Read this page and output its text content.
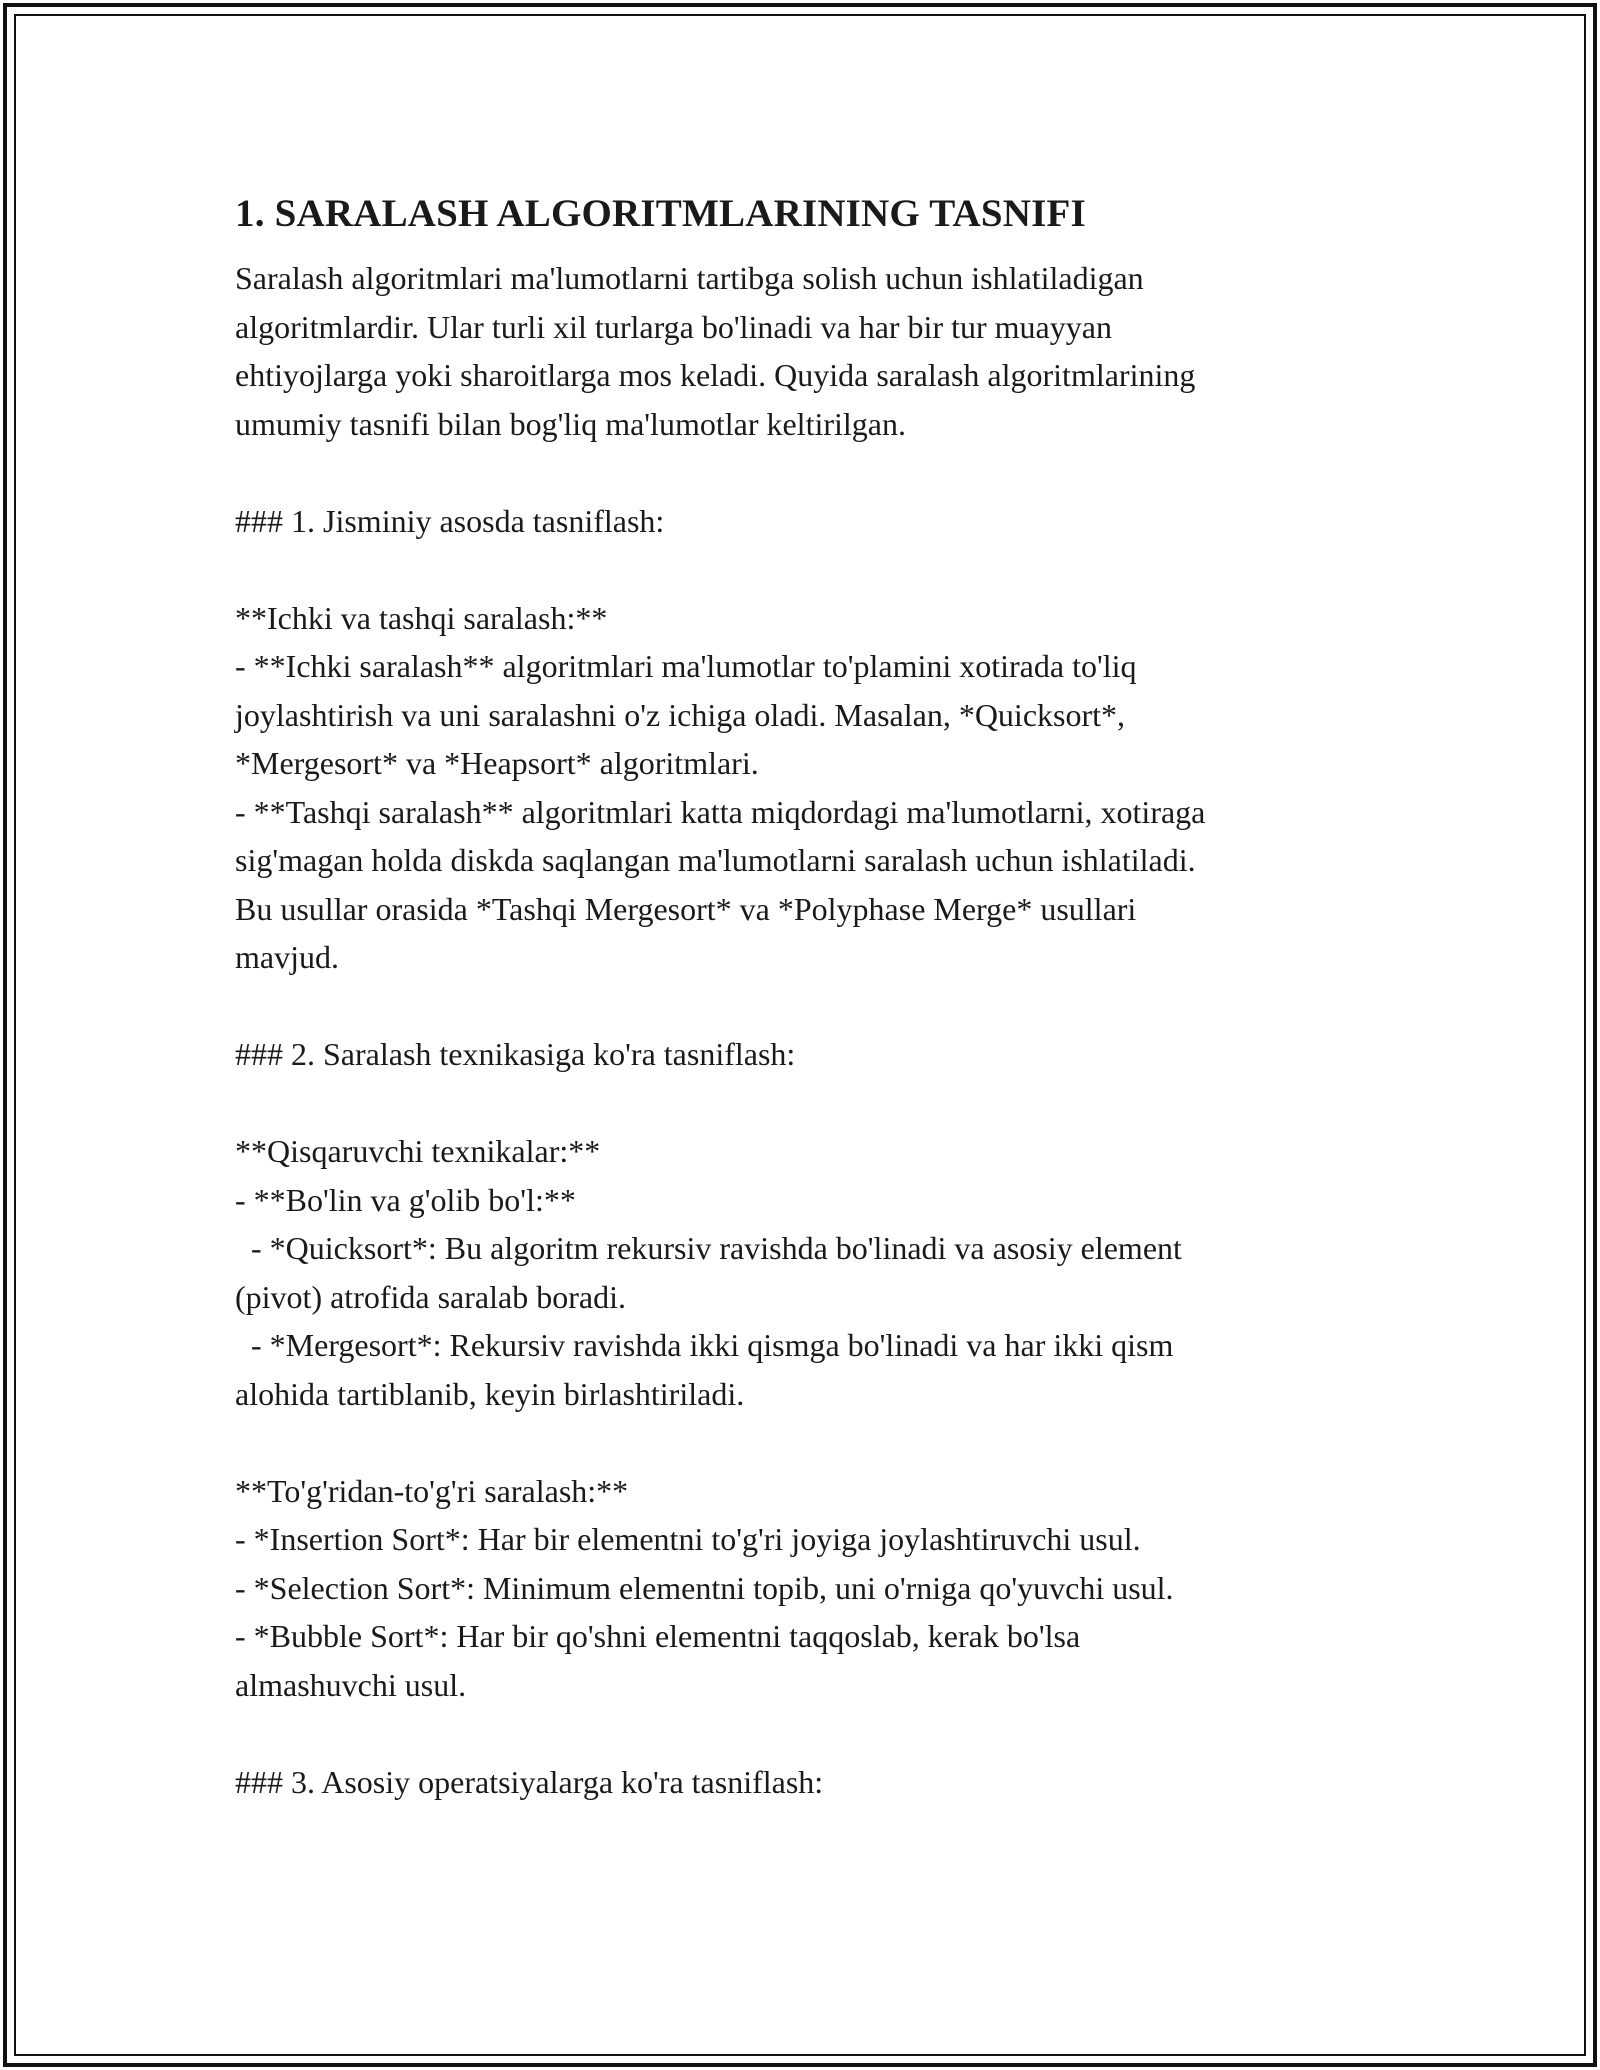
1. SARALASH ALGORITMLARINING TASNIFI
Saralash algoritmlari ma'lumotlarni tartibga solish uchun ishlatiladigan
algoritmlardir. Ular turli xil turlarga bo'linadi va har bir tur muayyan
ehtiyojlarga yoki sharoitlarga mos keladi. Quyida saralash algoritmlarining
umumiy tasnifi bilan bog'liq ma'lumotlar keltirilgan.
### 1. Jisminiy asosda tasniflash:
**Ichki va tashqi saralash:**
- **Ichki saralash** algoritmlari ma'lumotlar to'plamini xotirada to'liq
joylashtirish va uni saralashni o'z ichiga oladi. Masalan, *Quicksort*,
*Mergesort* va *Heapsort* algoritmlari.
- **Tashqi saralash** algoritmlari katta miqdordagi ma'lumotlarni, xotiraga
sig'magan holda diskda saqlangan ma'lumotlarni saralash uchun ishlatiladi.
Bu usullar orasida *Tashqi Mergesort* va *Polyphase Merge* usullari
mavjud.
### 2. Saralash texnikasiga ko'ra tasniflash:
**Qisqaruvchi texnikalar:**
- **Bo'lin va g'olib bo'l:**
- *Quicksort*: Bu algoritm rekursiv ravishda bo'linadi va asosiy element
(pivot) atrofida saralab boradi.
- *Mergesort*: Rekursiv ravishda ikki qismga bo'linadi va har ikki qism
alohida tartiblanib, keyin birlashtiriladi.
**To'g'ridan-to'g'ri saralash:**
- *Insertion Sort*: Har bir elementni to'g'ri joyiga joylashtiruvchi usul.
- *Selection Sort*: Minimum elementni topib, uni o'rniga qo'yuvchi usul.
- *Bubble Sort*: Har bir qo'shni elementni taqqoslab, kerak bo'lsa
almashuvchi usul.
### 3. Asosiy operatsiyalarga ko'ra tasniflash:
